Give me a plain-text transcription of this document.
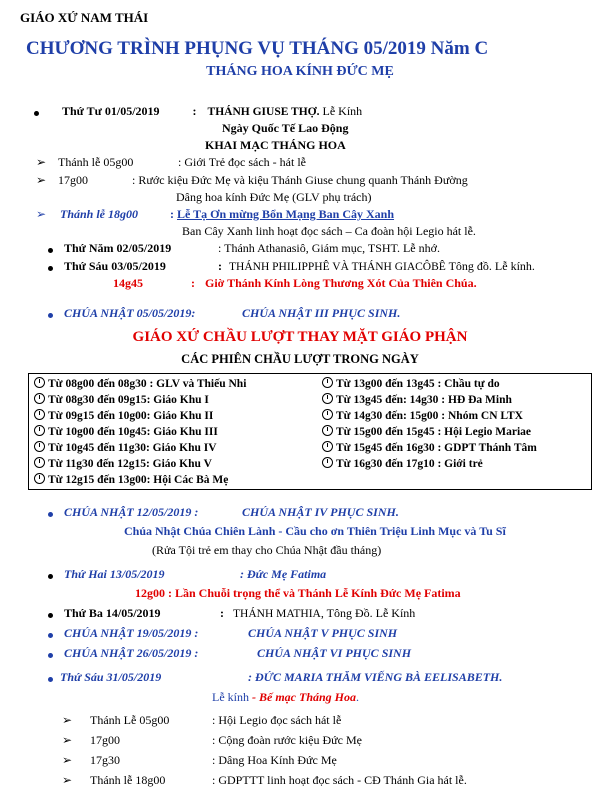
GIÁO XỨ NAM THÁI
CHƯƠNG TRÌNH PHỤNG VỤ THÁNG 05/2019 Năm C
THÁNG HOA KÍNH ĐỨC MẸ
Thứ Tư 01/05/2019	: THÁNH GIUSE THỢ. Lễ Kính
Ngày Quốc Tế Lao Động
KHAI MẠC THÁNG HOA
➢ Thánh lễ 05g00	: Giới Trẻ đọc sách - hát lễ
➢ 17g00	: Rước kiệu Đức Mẹ và kiệu Thánh Giuse chung quanh Thánh Đường
Dâng hoa kính Đức Mẹ (GLV phụ trách)
➢ Thánh lễ 18g00	: Lễ Tạ Ơn mừng Bổn Mạng Ban Cây Xanh
Ban Cây Xanh linh hoạt đọc sách – Ca đoàn hội Legio hát lễ.
Thứ Năm 02/05/2019	: Thánh Athanasiô, Giám mục, TSHT. Lễ nhớ.
Thứ Sáu 03/05/2019	: THÁNH PHILIPPHÊ VÀ THÁNH GIACÔBÊ Tông đồ. Lễ kính.
14g45	: Giờ Thánh Kính Lòng Thương Xót Của Thiên Chúa.
CHÚA NHẬT 05/05/2019:	CHÚA NHẬT III PHỤC SINH.
GIÁO XỨ CHẦU LƯỢT THAY MẶT GIÁO PHẬN
CÁC PHIÊN CHẦU LƯỢT TRONG NGÀY
Từ 08g00 đến 08g30 : GLV và Thiếu Nhi
Từ 08g30 đến 09g15: Giáo Khu I
Từ 09g15 đến 10g00: Giáo Khu II
Từ 10g00 đến 10g45: Giáo Khu III
Từ 10g45 đến 11g30: Giáo Khu IV
Từ 11g30 đến 12g15: Giáo Khu V
Từ 12g15 đến 13g00: Hội Các Bà Mẹ
Từ 13g00 đến 13g45 : Chầu tự do
Từ 13g45 đến: 14g30 : HĐ Đa Minh
Từ 14g30 đến: 15g00 : Nhóm CN LTX
Từ 15g00 đến 15g45 : Hội Legio Mariae
Từ 15g45 đến 16g30 : GDPT Thánh Tâm
Từ 16g30 đến 17g10 : Giới trẻ
CHÚA NHẬT 12/05/2019 :	CHÚA NHẬT IV PHỤC SINH.
Chúa Nhật Chúa Chiên Lành - Cầu cho ơn Thiên Triệu Linh Mục và Tu Sĩ
(Rửa Tội trẻ em thay cho Chúa Nhật đầu tháng)
Thứ Hai 13/05/2019	: Đức Mẹ Fatima
12g00 : Lần Chuỗi trọng thể và Thánh Lễ Kính Đức Mẹ Fatima
Thứ Ba 14/05/2019	: THÁNH MATHIA, Tông Đồ. Lễ Kính
CHÚA NHẬT 19/05/2019 :	CHÚA NHẬT V PHỤC SINH
CHÚA NHẬT 26/05/2019 :	CHÚA NHẬT VI PHỤC SINH
Thứ Sáu 31/05/2019	: ĐỨC MARIA THĂM VIẾNG BÀ EELISABETH.
Lễ kính - Bế mạc Tháng Hoa.
➢ Thánh Lễ 05g00	: Hội Legio đọc sách hát lễ
➢ 17g00	: Cộng đoàn rước kiệu Đức Mẹ
➢ 17g30	: Dâng Hoa Kính Đức Mẹ
➢ Thánh lễ 18g00	: GDPTTT linh hoạt đọc sách - CĐ Thánh Gia hát lễ.
